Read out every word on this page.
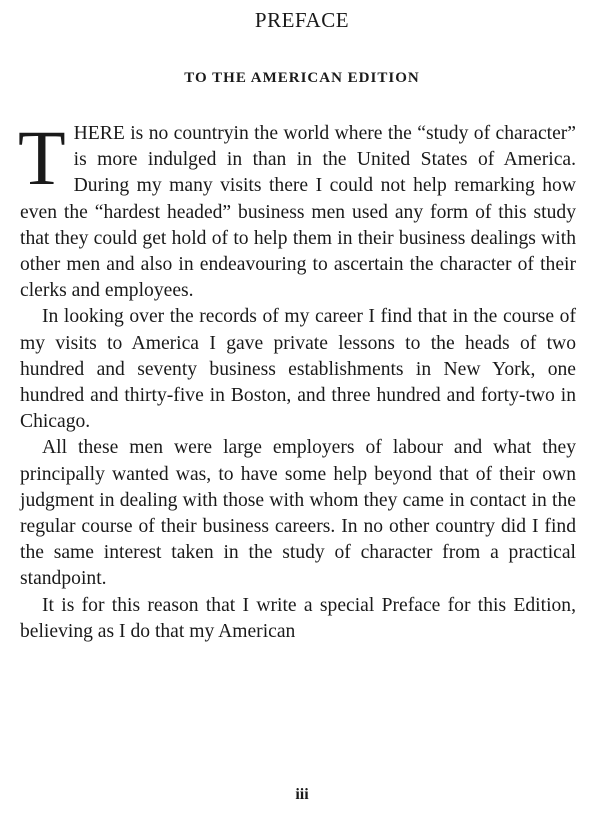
PREFACE
TO THE AMERICAN EDITION

THERE is no countryin the world where the “study of character” is more indulged in than in the United States of America. During my many visits there I could not help remarking how even the “hardest headed” business men used any form of this study that they could get hold of to help them in their business dealings with other men and also in endeavouring to ascertain the character of their clerks and employees.

In looking over the records of my career I find that in the course of my visits to America I gave private lessons to the heads of two hundred and seventy business establishments in New York, one hundred and thirty-five in Boston, and three hundred and forty-two in Chicago.

All these men were large employers of labour and what they principally wanted was, to have some help beyond that of their own judgment in dealing with those with whom they came in contact in the regular course of their business careers. In no other country did I find the same interest taken in the study of character from a practical standpoint.

It is for this reason that I write a special Preface for this Edition, believing as I do that my American

iii
